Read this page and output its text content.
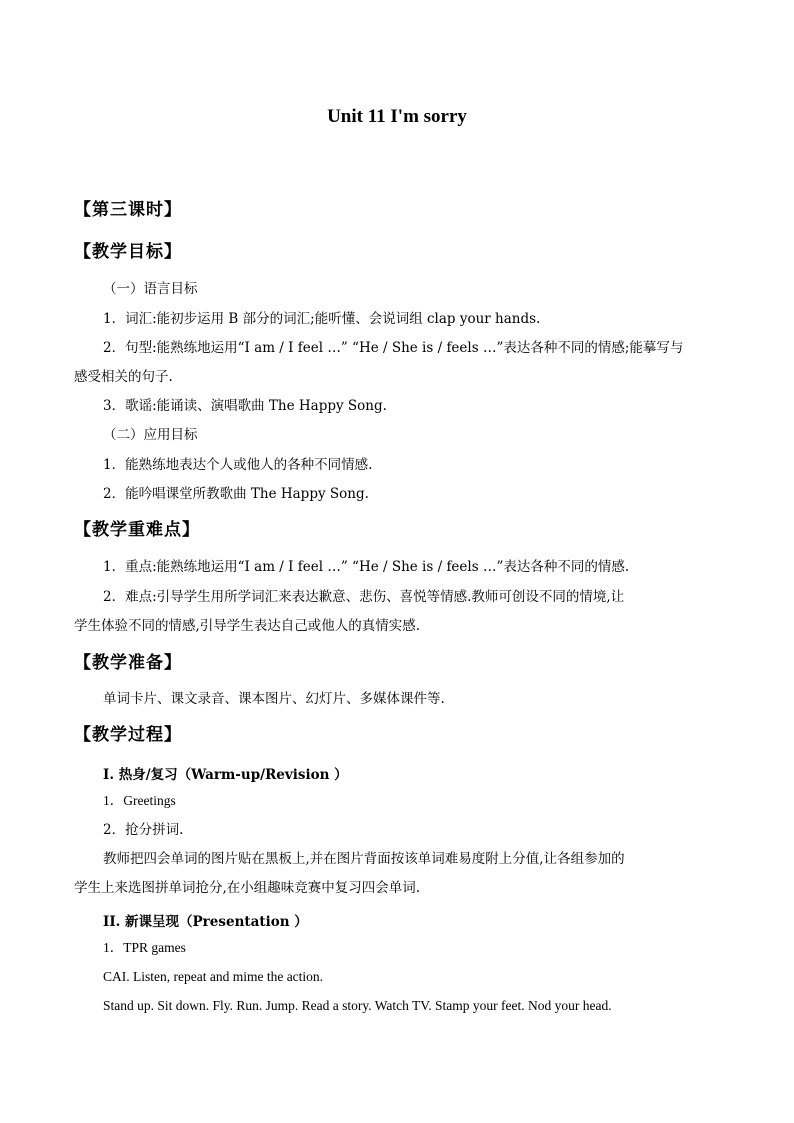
Unit 11 I'm sorry
【第三课时】
【教学目标】
（一）语言目标
1．词汇:能初步运用 B 部分的词汇;能听懂、会说词组 clap your hands.
2．句型:能熟练地运用“I am / I feel …” “He / She is / feels …”表达各种不同的情感;能摹写与
感受相关的句子.
3．歌谣:能诵读、演唱歌曲 The Happy Song.
（二）应用目标
1．能熟练地表达个人或他人的各种不同情感.
2．能吟唱课堂所教歌曲 The Happy Song.
【教学重难点】
1．重点:能熟练地运用“I am / I feel …” “He / She is / feels …”表达各种不同的情感.
2．难点:引导学生用所学词汇来表达歉意、悲伤、喜悦等情感.教师可创设不同的情境,让
学生体验不同的情感,引导学生表达自己或他人的真情实感.
【教学准备】
单词卡片、课文录音、课本图片、幻灯片、多媒体课件等.
【教学过程】
I. 热身/复习（Warm-up/Revision ）
1．Greetings
2．抢分拼词.
教师把四会单词的图片贴在黑板上,并在图片背面按该单词难易度附上分值,让各组参加的
学生上来选图拼单词抢分,在小组趣味竞赛中复习四会单词.
II. 新课呈现（Presentation ）
1．TPR games
CAI. Listen, repeat and mime the action.
Stand up. Sit down. Fly. Run. Jump. Read a story. Watch TV. Stamp your feet. Nod your head.
